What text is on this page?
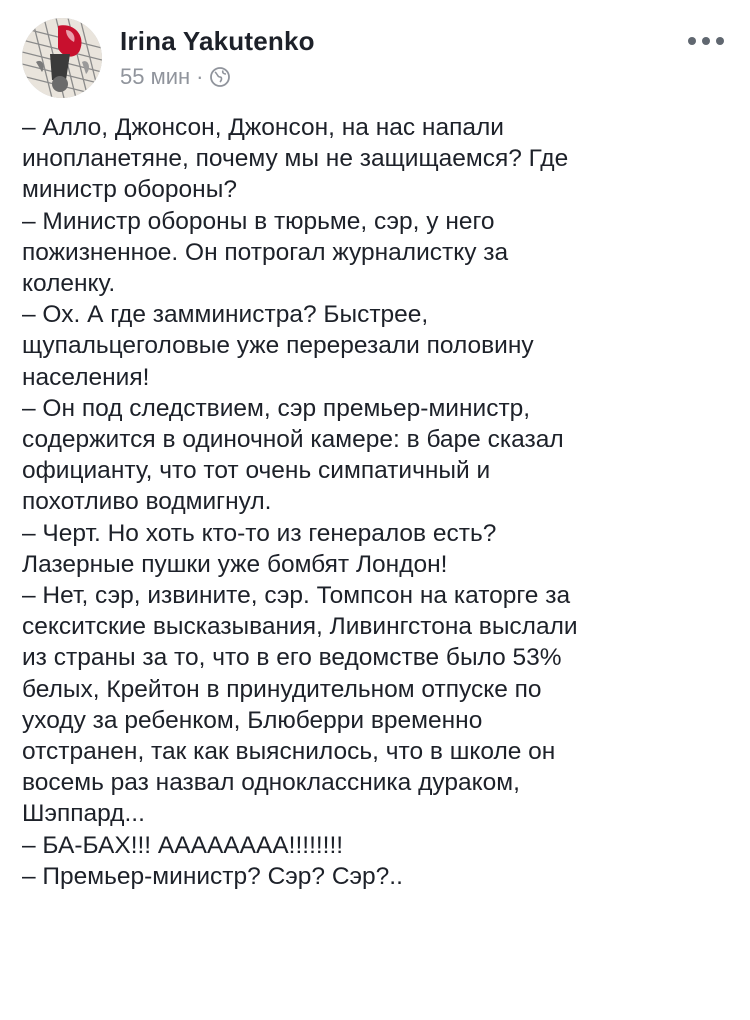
Irina Yakutenko
55 мин ·
– Алло, Джонсон, Джонсон, на нас напали
инопланетяне, почему мы не защищаемся? Где
министр обороны?
– Министр обороны в тюрьме, сэр, у него
пожизненное. Он потрогал журналистку за
коленку.
– Ох. А где замминистра? Быстрее,
щупальцеголовые уже перерезали половину
населения!
– Он под следствием, сэр премьер-министр,
содержится в одиночной камере: в баре сказал
официанту, что тот очень симпатичный и
похотливо водмигнул.
– Черт. Но хоть кто-то из генералов есть?
Лазерные пушки уже бомбят Лондон!
– Нет, сэр, извините, сэр. Томпсон на каторге за
секситские высказывания, Ливингстона выслали
из страны за то, что в его ведомстве было 53%
белых, Крейтон в принудительном отпуске по
уходу за ребенком, Блюберри временно
отстранен, так как выяснилось, что в школе он
восемь раз назвал одноклассника дураком,
Шэппард...
– БА-БАХ!!! АААААААА!!!!!!!!
– Премьер-министр? Сэр? Сэр?..
